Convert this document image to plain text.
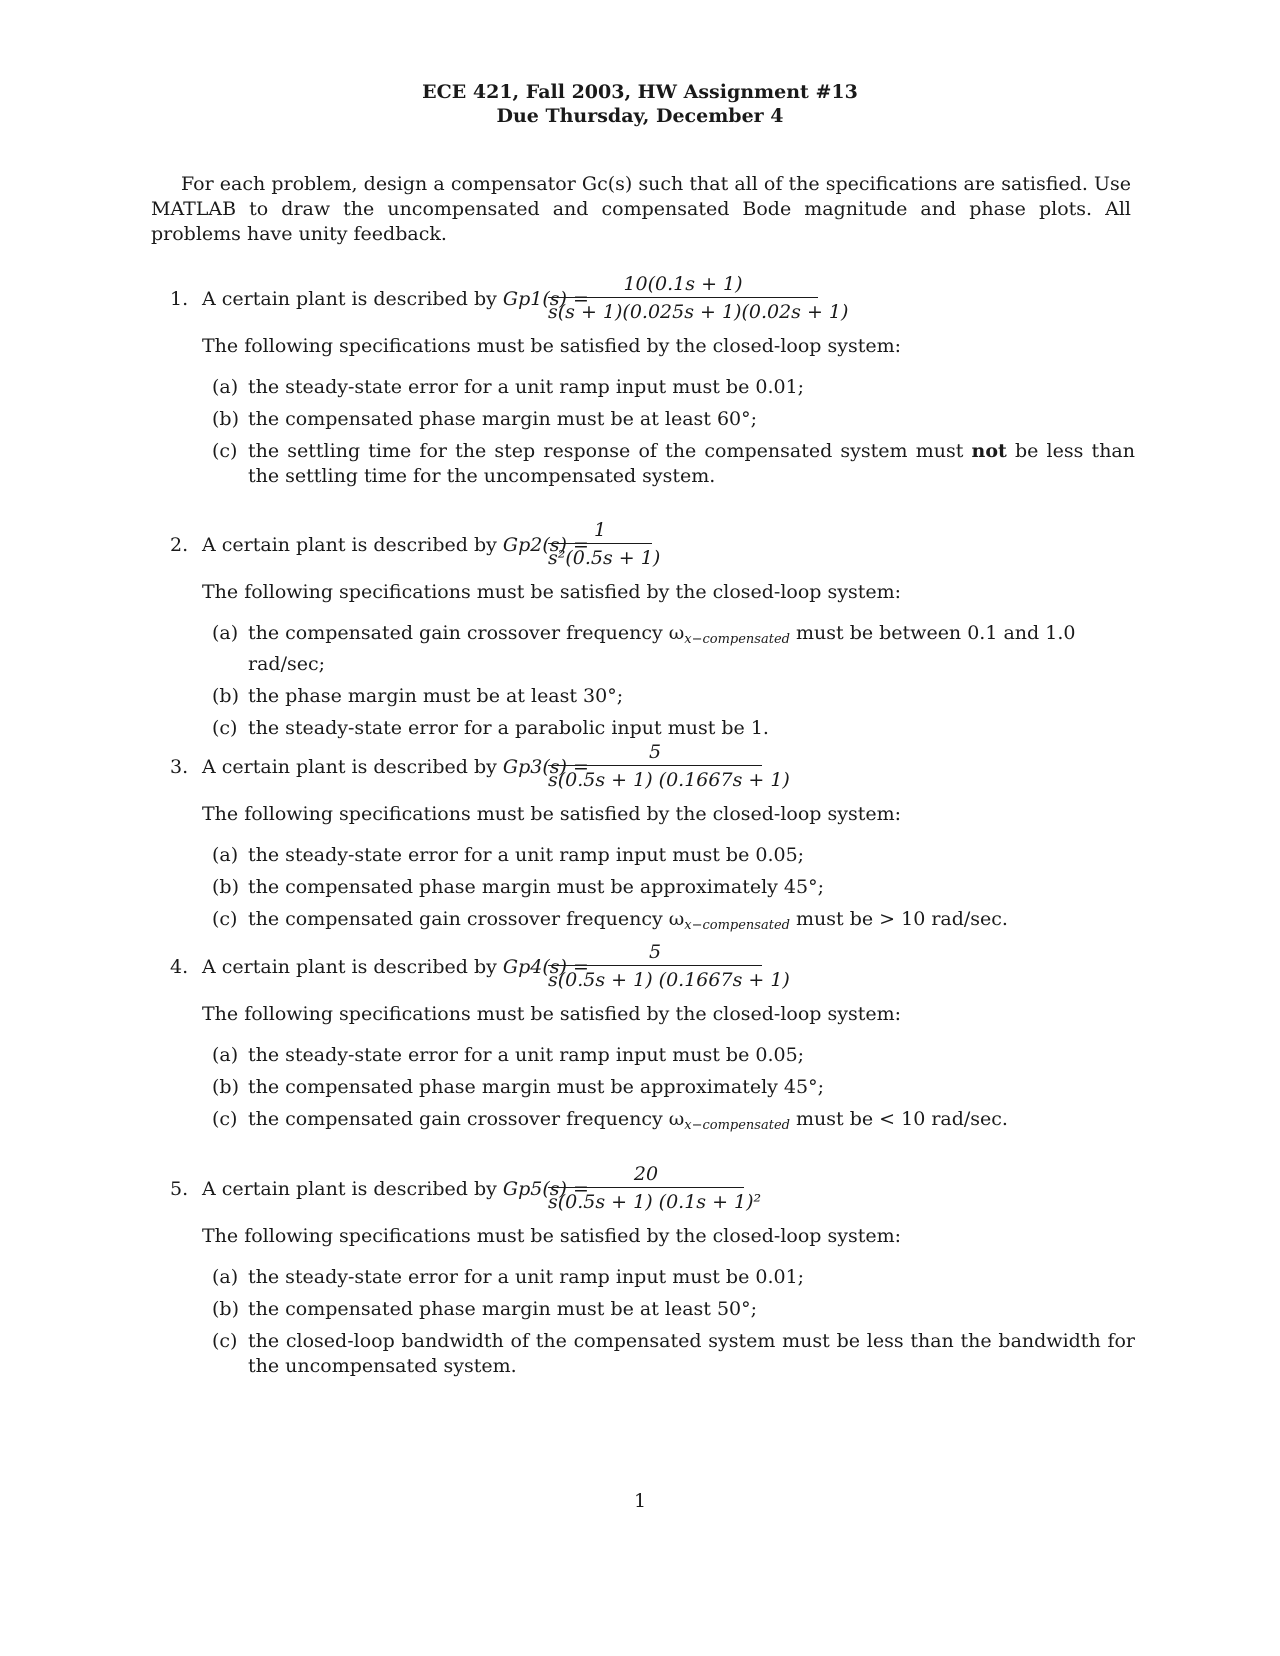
ECE 421, Fall 2003, HW Assignment #13
Due Thursday, December 4

For each problem, design a compensator Gc(s) such that all of the specifications are satisfied. Use MATLAB to draw the uncompensated and compensated Bode magnitude and phase plots. All problems have unity feedback.

1. A certain plant is described by Gp1(s) =
$\frac{10(0.1s + 1)}{s(s + 1)(0.025s + 1)(0.02s + 1)}$
The following specifications must be satisfied by the closed-loop system:
(a) the steady-state error for a unit ramp input must be 0.01;
(b) the compensated phase margin must be at least 60°;
(c) the settling time for the step response of the compensated system must not be less than the settling time for the uncompensated system.
2. A certain plant is described by Gp2(s) =
$\frac{1}{\text{s²(0.5s + 1)}}$
The following specifications must be satisfied by the closed-loop system:
(a) the compensated gain crossover frequency $\omega_{x-compensated}$ must be between 0.1 and 1.0 rad/sec;
(b) the phase margin must be at least 30°;
(c) the steady-state error for a parabolic input must be 1.
3. A certain plant is described by Gp3(s) =
$\frac{5}{s(0.5s + 1) (0.1667s + 1)}$
The following specifications must be satisfied by the closed-loop system:
(a) the steady-state error for a unit ramp input must be 0.05;
(b) the compensated phase margin must be approximately 45°;
(c) the compensated gain crossover frequency $\omega_{x-compensated}$ must be > 10 rad/sec.
4. A certain plant is described by Gp4(s) =
$\frac{5}{s(0.5s + 1) (0.1667s + 1)}$
The following specifications must be satisfied by the closed-loop system:
(a) the steady-state error for a unit ramp input must be 0.05;
(b) the compensated phase margin must be approximately 45°;
(c) the compensated gain crossover frequency $\omega_{x-compensated}$ must be < 10 rad/sec.
5. A certain plant is described by Gp5(s) =
$\frac{20}{\text{s(0.5s + 1) (0.1s + 1)²}}$
The following specifications must be satisfied by the closed-loop system:
(a) the steady-state error for a unit ramp input must be 0.01;
(b) the compensated phase margin must be at least 50°;
(c) the closed-loop bandwidth of the compensated system must be less than the bandwidth for the uncompensated system.
1
